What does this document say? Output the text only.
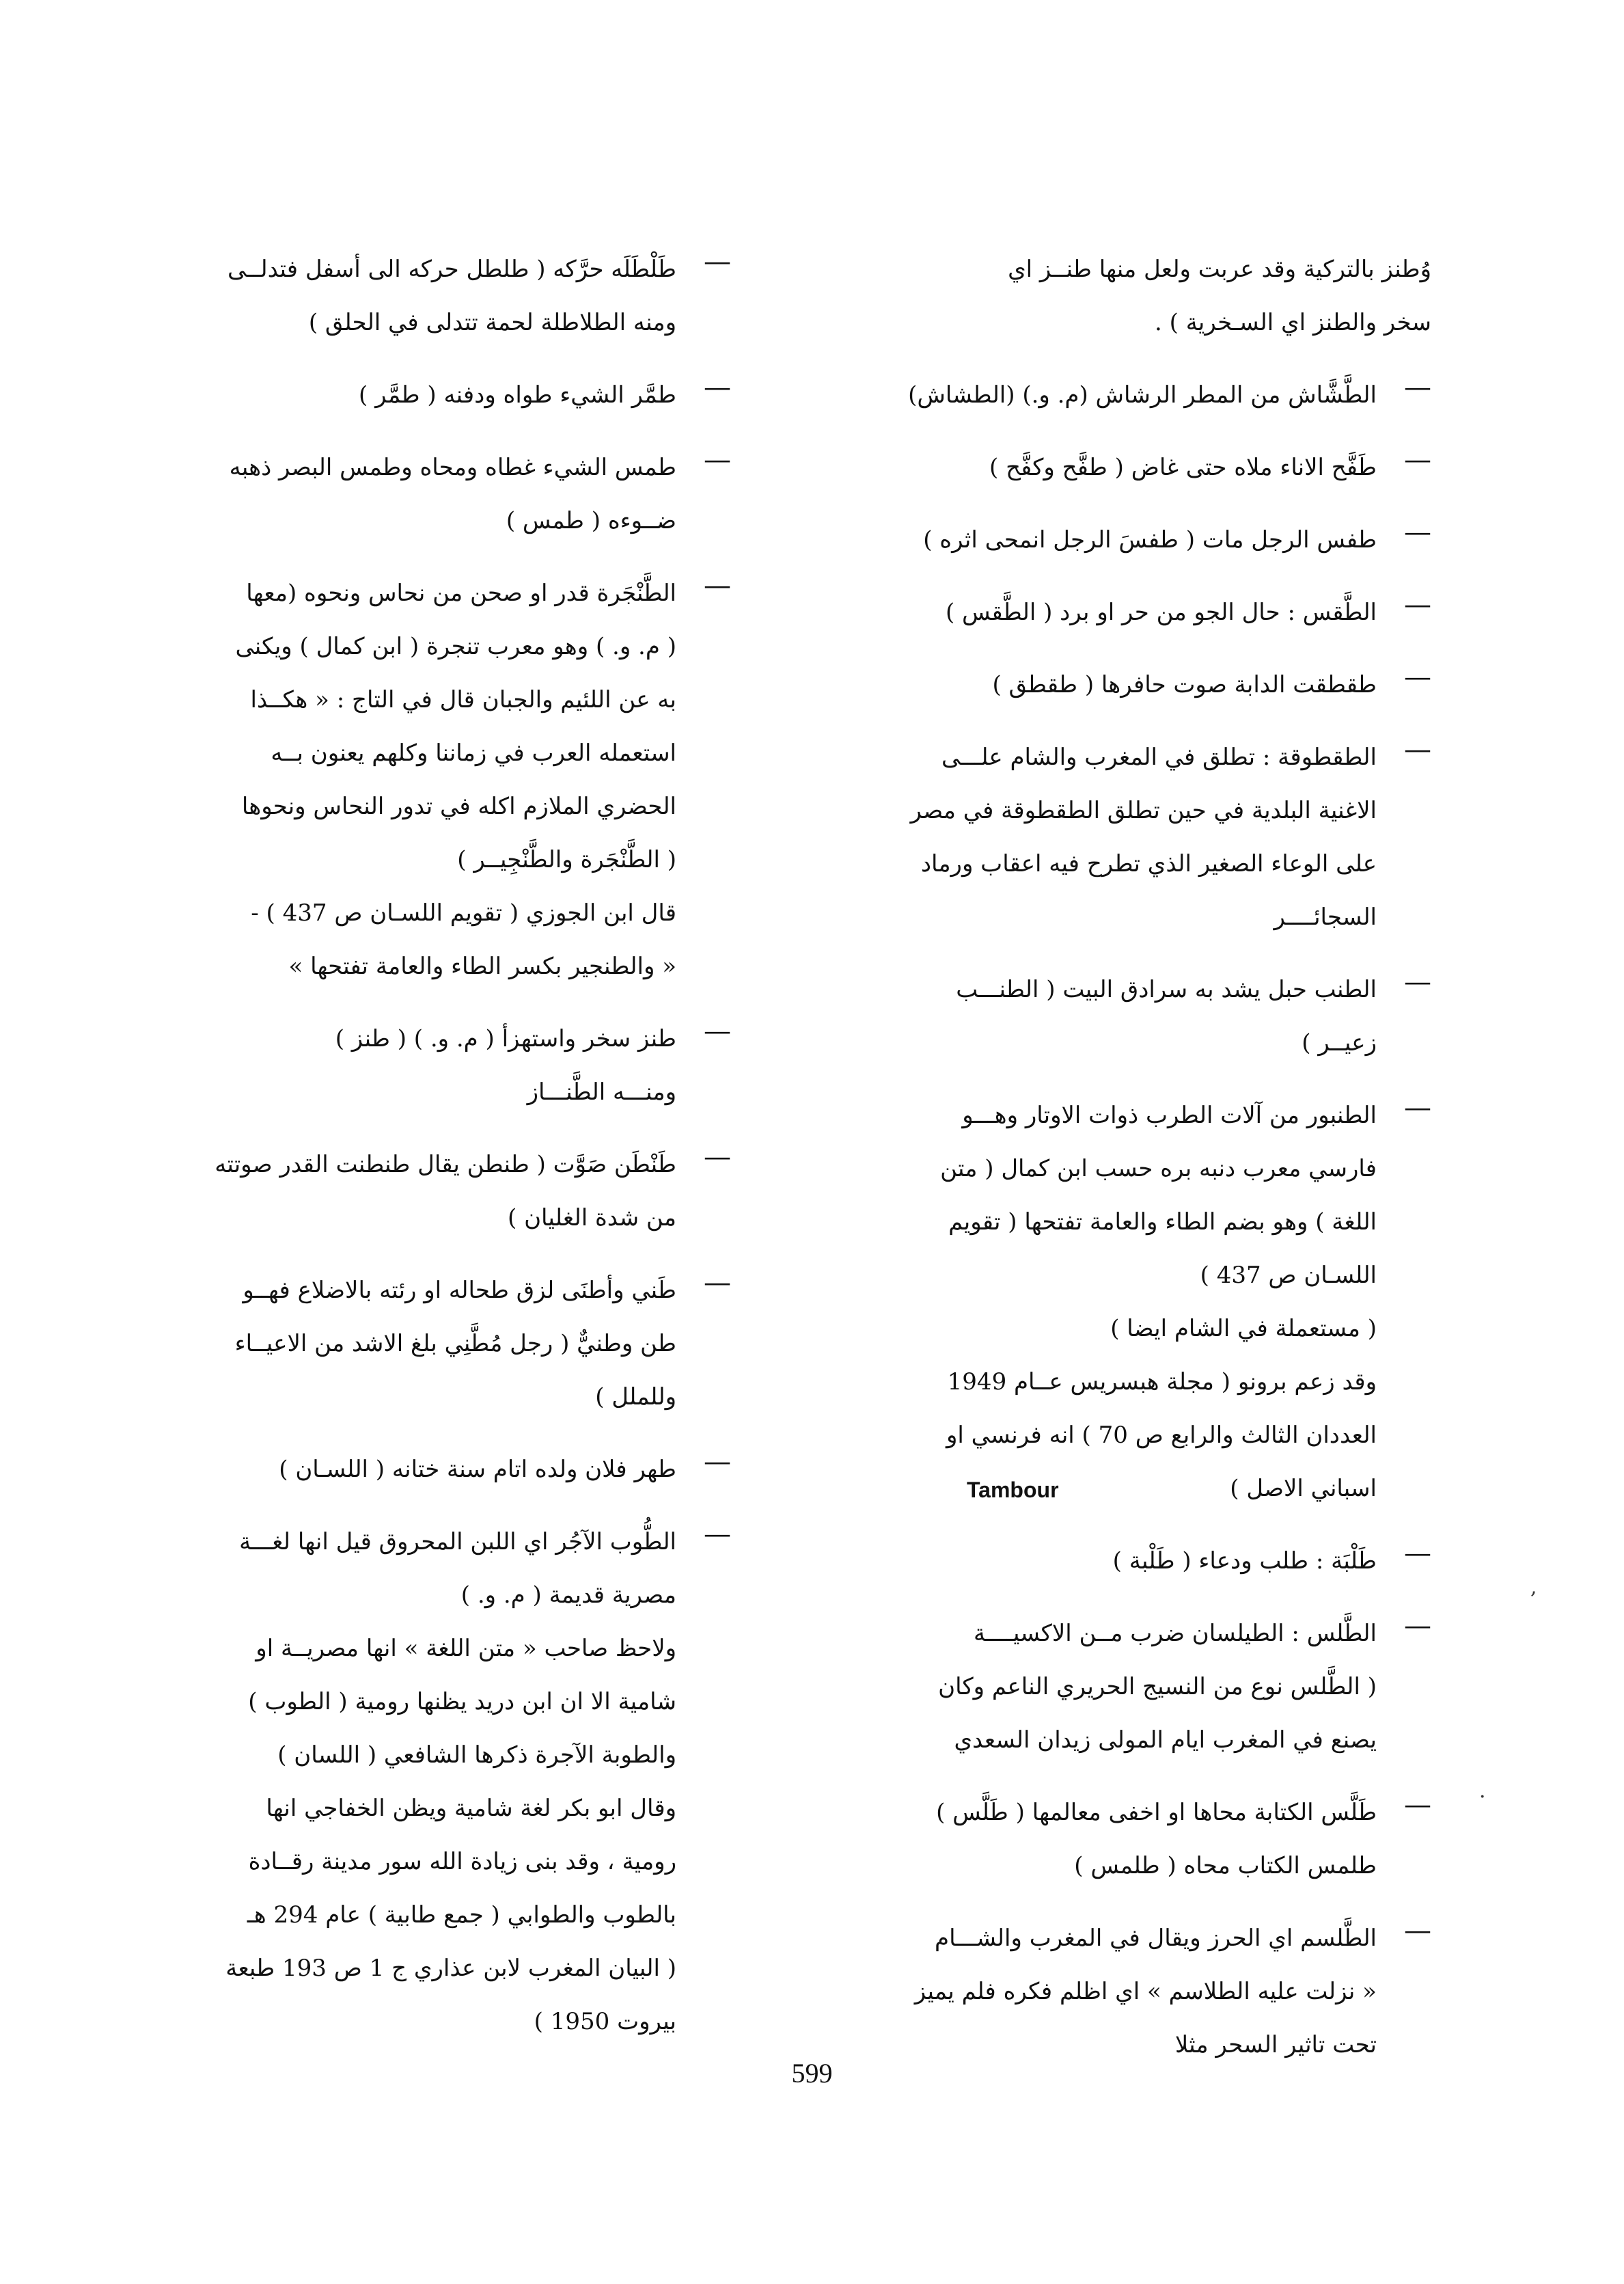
وُطنز بالتركية وقد عربت ولعل منها طنــز اي
سخر والطنز اي السـخرية ) .
—
الطَّشَّاش من المطر الرشاش (م. و.) (الطشاش)
—
طَفَّح الاناء ملاه حتى غاض ( طفَّح وكفَّح )
—
طفس الرجل مات ( طفسَ الرجل انمحى اثره )
—
الطَّقس : حال الجو من حر او برد ( الطَّقس )
—
طقطقت الدابة صوت حافرها ( طقطق )
—
الطقطوقة : تطلق في المغرب والشام علـــى
الاغنية البلدية في حين تطلق الطقطوقة في مصر
على الوعاء الصغير الذي تطرح فيه اعقاب ورماد
السجائــــر
—
الطنب حبل يشد به سرادق البيت ( الطنـــب
زعيــر )
—
الطنبور من آلات الطرب ذوات الاوتار وهـــو
فارسي معرب دنبه بره حسب ابن كمال ( متن
اللغة ) وهو بضم الطاء والعامة تفتحها ( تقويم
اللسـان ص 437 )
( مستعملة في الشام ايضا )
وقد زعم برونو ( مجلة هبسريس عــام 1949
العددان الثالث والرابع ص 70 ) انه فرنسي او
اسباني الاصل )
Tambour
—
طَلْبَة : طلب ودعاء ( طَلْبة )
—
الطَّلس : الطيلسان ضرب مــن الاكسيــــة
( الطَّلس نوع من النسيج الحريري الناعم وكان
يصنع في المغرب ايام المولى زيدان السعدي
—
طَلَّس الكتابة محاها او اخفى معالمها ( طَلَّس )
طلمس الكتاب محاه ( طلمس )
—
الطَّلسم اي الحرز ويقال في المغرب والشـــام
« نزلت عليه الطلاسم » اي اظلم فكره فلم يميز
تحت تاثير السحر مثلا
—
طَلْطَلَه حرَّكه ( طلطل حركه الى أسفل فتدلــى
ومنه الطلاطلة لحمة تتدلى في الحلق )
—
طمَّر الشيء طواه ودفنه ( طمَّر )
—
طمس الشيء غطاه ومحاه وطمس البصر ذهبه
ضــوءه ( طمس )
—
الطَّنْجَرة قدر او صحن من نحاس ونحوه (معها
( م. و. ) وهو معرب تنجرة ( ابن كمال ) ويكنى
به عن اللئيم والجبان قال في التاج : « هكــذا
استعمله العرب في زماننا وكلهم يعنون بــه
الحضري الملازم اكله في تدور النحاس ونحوها
( الطَّنْجَرة والطَّنْجِيــر )
قال ابن الجوزي ( تقويم اللسـان ص 437 ) -
« والطنجير بكسر الطاء والعامة تفتحها »
—
طنز سخر واستهزأ ( م. و. ) ( طنز )
ومنـــه الطَّنـــاز
—
طَنْطَن صَوَّت ( طنطن يقال طنطنت القدر صوتته
من شدة الغليان )
—
طَني وأطنَى لزق طحاله او رئته بالاضلاع فهــو
طن وطنيٌّ ( رجل مُطَّنِي بلغ الاشد من الاعيــاء
وللملل )
—
طهر فلان ولده اتام سنة ختانه ( اللسـان )
—
الطُّوب الآجُر اي اللبن المحروق قيل انها لغـــة
مصرية قديمة ( م. و. )
ولاحظ صاحب « متن اللغة » انها مصريــة او
شامية الا ان ابن دريد يظنها رومية ( الطوب )
والطوبة الآجرة ذكرها الشافعي ( اللسان )
وقال ابو بكر لغة شامية ويظن الخفاجي انها
رومية ، وقد بنى زيادة الله سور مدينة رقــادة
بالطوب والطوابي ( جمع طابية ) عام 294 هـ
( البيان المغرب لابن عذاري ج 1 ص 193 طبعة
بيروت 1950 )
599
,
·
